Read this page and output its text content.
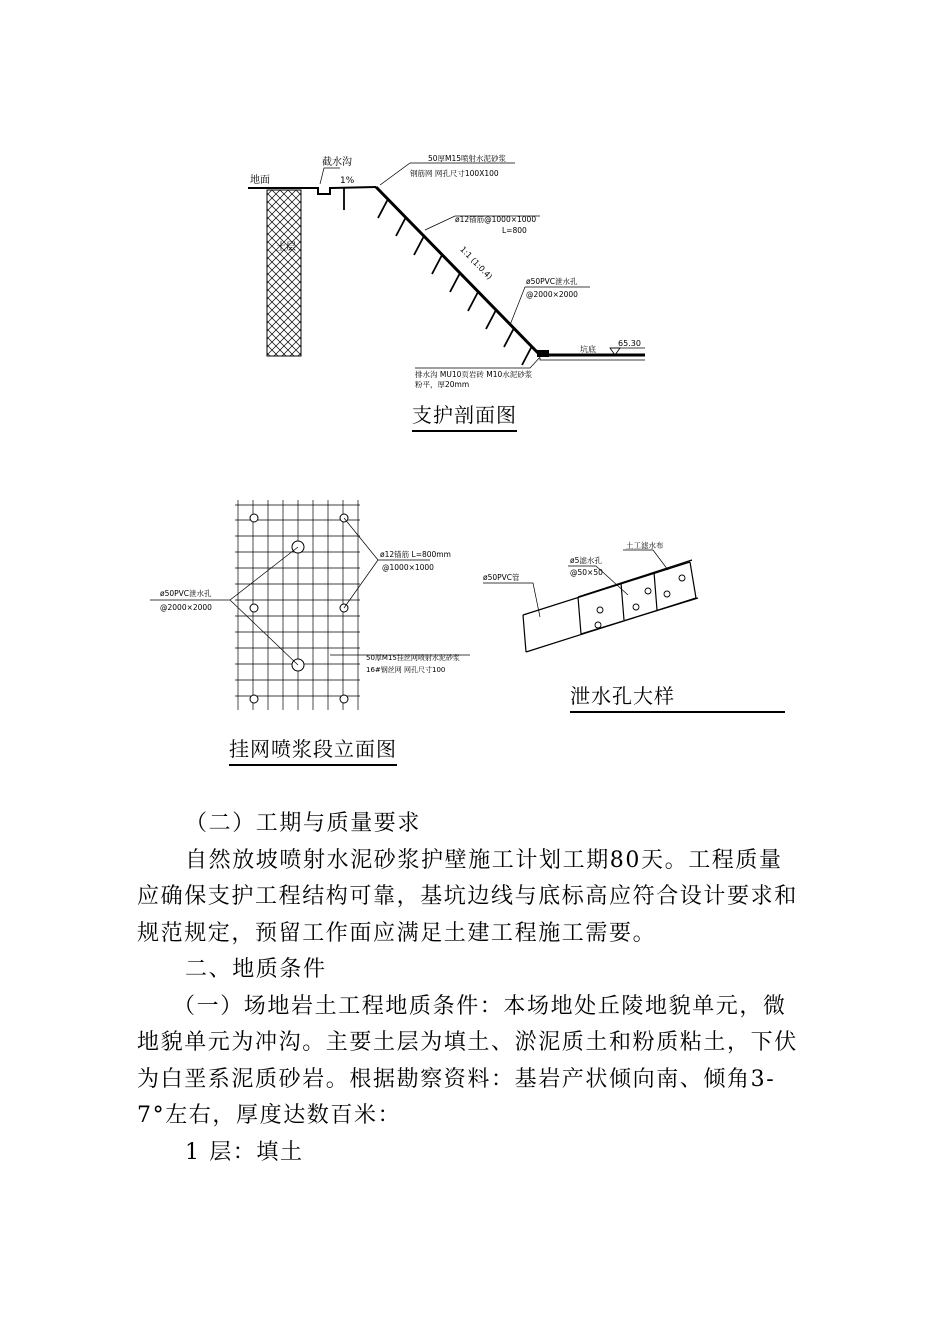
截水沟
地面	1%
土层
50厚M15喷射水泥砂浆
钢筋网 网孔尺寸100X100
ø12锚筋@1000×1000
L=800
1:1 (1:0.4)
ø50PVC泄水孔
@2000×2000
坑底
65.30
排水沟 MU10页岩砖 M10水泥砂浆
粉平，厚20mm
支护剖面图
ø12锚筋 L=800mm
@1000×1000
ø50PVC泄水孔
@2000×2000
50厚M15挂丝网喷射水泥砂浆
16#钢丝网 网孔尺寸100
挂网喷浆段立面图
ø5滤水孔
@50×50
土工滤水布
ø50PVC管
泄水孔大样
（二）工期与质量要求
自然放坡喷射水泥砂浆护壁施工计划工期80天。工程质量
应确保支护工程结构可靠，基坑边线与底标高应符合设计要求和
规范规定，预留工作面应满足土建工程施工需要。
二、地质条件
（一）场地岩土工程地质条件：本场地处丘陵地貌单元，微
地貌单元为冲沟。主要土层为填土、淤泥质土和粉质粘土，下伏
为白垩系泥质砂岩。根据勘察资料：基岩产状倾向南、倾角3-
7°左右，厚度达数百米：
1 层：填土
